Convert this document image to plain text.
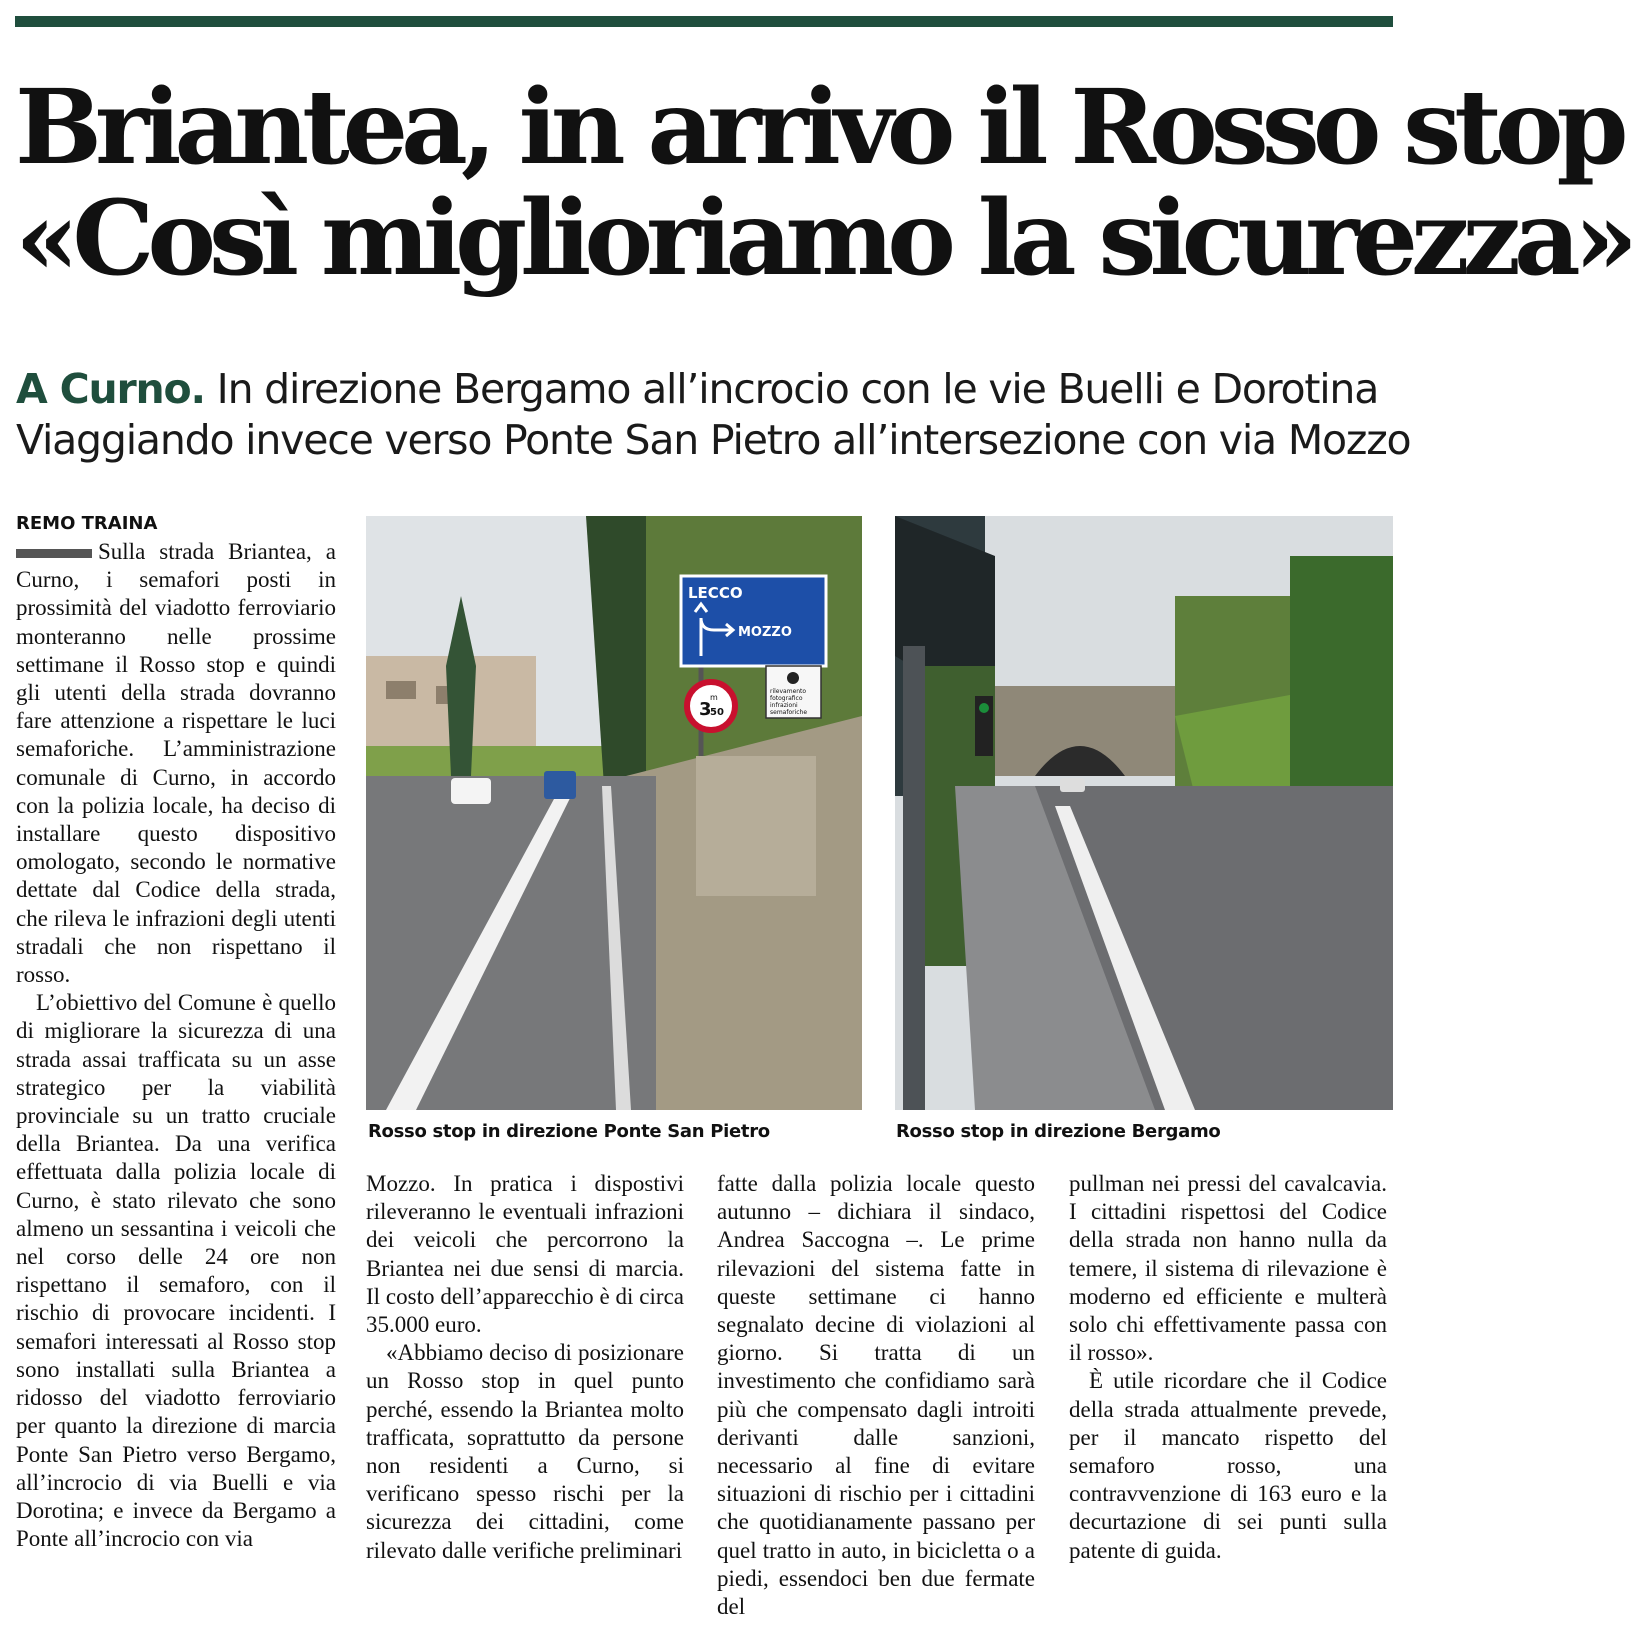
Briantea, in arrivo il Rosso stop
«Così miglioriamo la sicurezza»
A Curno. In direzione Bergamo all’incrocio con le vie Buelli e Dorotina
Viaggiando invece verso Ponte San Pietro all’intersezione con via Mozzo
REMO TRAINA

Sulla strada Briantea, a Curno, i semafori posti in prossimità del viadotto ferroviario monteranno nelle prossime settimane il Rosso stop e quindi gli utenti della strada dovranno fare attenzione a rispettare le luci semaforiche. L’amministrazione comunale di Curno, in accordo con la polizia locale, ha deciso di installare questo dispositivo omologato, secondo le normative dettate dal Codice della strada, che rileva le infrazioni degli utenti stradali che non rispettano il rosso.

L’obiettivo del Comune è quello di migliorare la sicurezza di una strada assai trafficata su un asse strategico per la viabilità provinciale su un tratto cruciale della Briantea. Da una verifica effettuata dalla polizia locale di Curno, è stato rilevato che sono almeno un sessantina i veicoli che nel corso delle 24 ore non rispettano il semaforo, con il rischio di provocare incidenti. I semafori interessati al Rosso stop sono installati sulla Briantea a ridosso del viadotto ferroviario per quanto la direzione di marcia Ponte San Pietro verso Bergamo, all’incrocio di via Buelli e via Dorotina; e invece da Bergamo a Ponte all’incrocio con via

LECCO
MOZZO
3
m
50
rilevamento
fotografico
infrazioni
semaforiche
Rosso stop in direzione Ponte San Pietro	Rosso stop in direzione Bergamo

Mozzo. In pratica i dispostivi rileveranno le eventuali infrazioni dei veicoli che percorrono la Briantea nei due sensi di marcia. Il costo dell’apparecchio è di circa 35.000 euro.

«Abbiamo deciso di posizionare un Rosso stop in quel punto perché, essendo la Briantea molto trafficata, soprattutto da persone non residenti a Curno, si verificano spesso rischi per la sicurezza dei cittadini, come rilevato dalle verifiche preliminari

fatte dalla polizia locale questo autunno – dichiara il sindaco, Andrea Saccogna –. Le prime rilevazioni del sistema fatte in queste settimane ci hanno segnalato decine di violazioni al giorno. Si tratta di un investimento che confidiamo sarà più che compensato dagli introiti derivanti dalle sanzioni, necessario al fine di evitare situazioni di rischio per i cittadini che quotidianamente passano per quel tratto in auto, in bicicletta o a piedi, essendoci ben due fermate del

pullman nei pressi del cavalcavia. I cittadini rispettosi del Codice della strada non hanno nulla da temere, il sistema di rilevazione è moderno ed efficiente e multerà solo chi effettivamente passa con il rosso».

È utile ricordare che il Codice della strada attualmente prevede, per il mancato rispetto del semaforo rosso, una contravvenzione di 163 euro e la decurtazione di sei punti sulla patente di guida.
